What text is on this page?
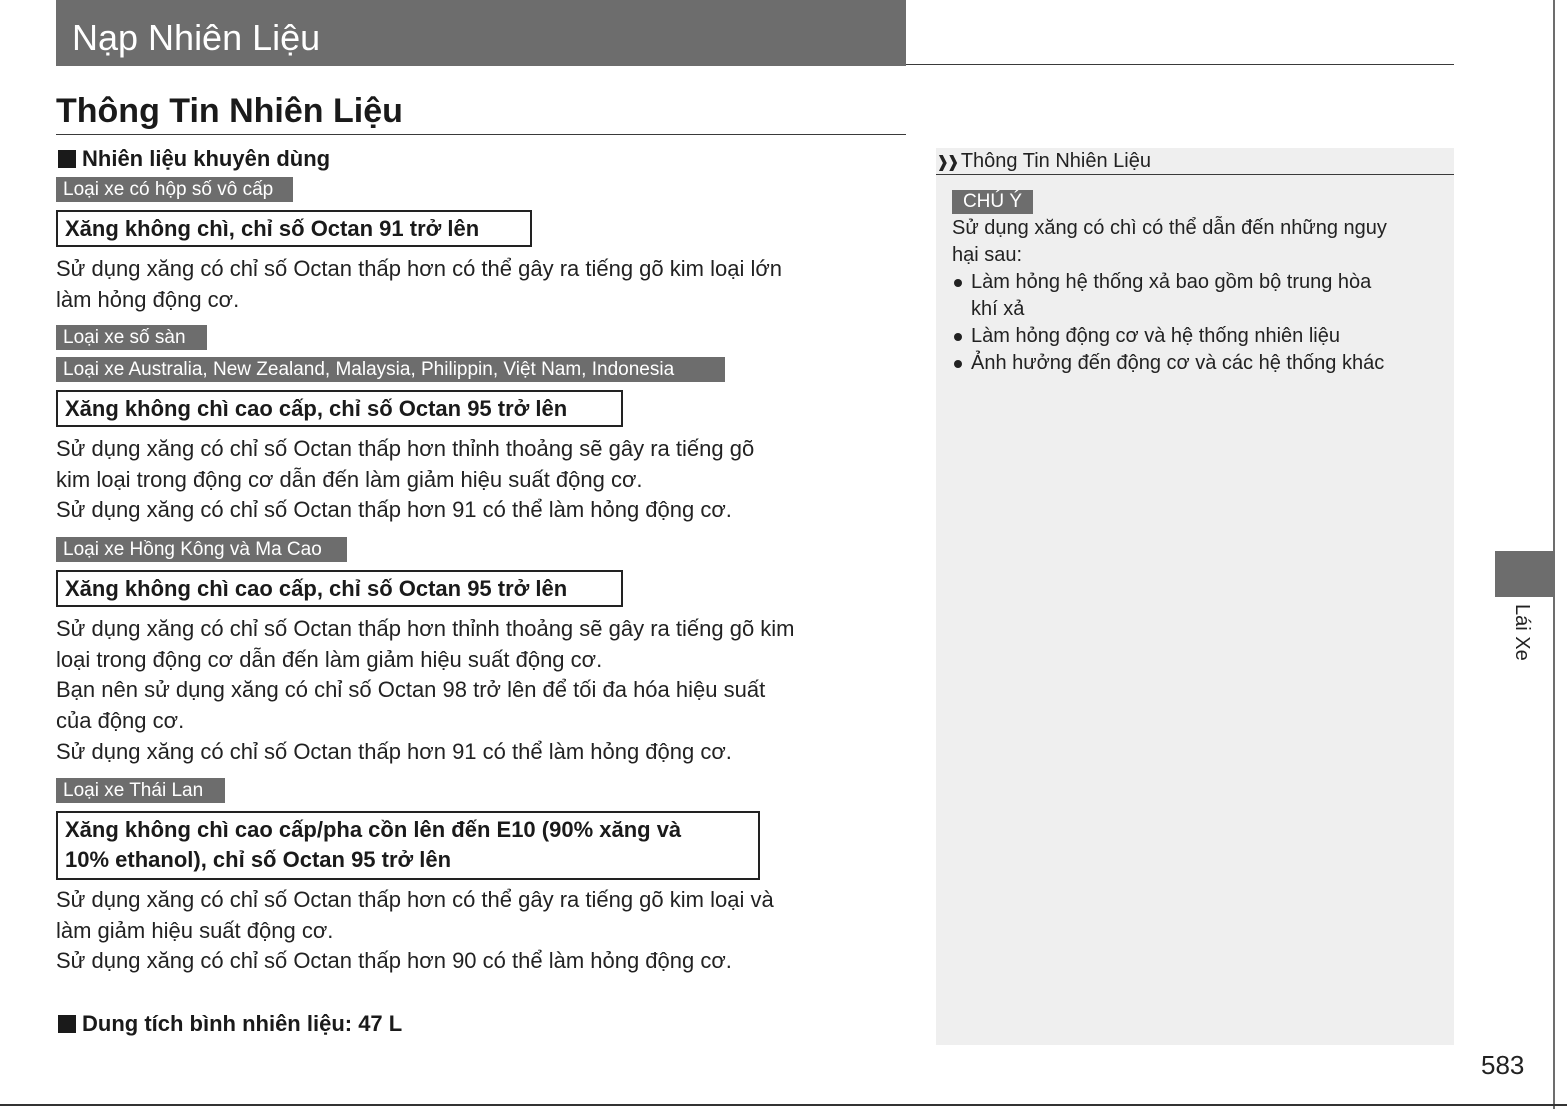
Nạp Nhiên Liệu
Thông Tin Nhiên Liệu
Nhiên liệu khuyên dùng
Loại xe có hộp số vô cấp
Xăng không chì, chỉ số Octan 91 trở lên

Sử dụng xăng có chỉ số Octan thấp hơn có thể gây ra tiếng gõ kim loại lớn

làm hỏng động cơ.

Loại xe số sàn
Loại xe Australia, New Zealand, Malaysia, Philippin, Việt Nam, Indonesia
Xăng không chì cao cấp, chỉ số Octan 95 trở lên

Sử dụng xăng có chỉ số Octan thấp hơn thỉnh thoảng sẽ gây ra tiếng gõ

kim loại trong động cơ dẫn đến làm giảm hiệu suất động cơ.

Sử dụng xăng có chỉ số Octan thấp hơn 91 có thể làm hỏng động cơ.

Loại xe Hồng Kông và Ma Cao
Xăng không chì cao cấp, chỉ số Octan 95 trở lên

Sử dụng xăng có chỉ số Octan thấp hơn thỉnh thoảng sẽ gây ra tiếng gõ kim

loại trong động cơ dẫn đến làm giảm hiệu suất động cơ.

Bạn nên sử dụng xăng có chỉ số Octan 98 trở lên để tối đa hóa hiệu suất

của động cơ.

Sử dụng xăng có chỉ số Octan thấp hơn 91 có thể làm hỏng động cơ.

Loại xe Thái Lan
Xăng không chì cao cấp/pha cồn lên đến E10 (90% xăng và
10% ethanol), chỉ số Octan 95 trở lên

Sử dụng xăng có chỉ số Octan thấp hơn có thể gây ra tiếng gõ kim loại và

làm giảm hiệu suất động cơ.

Sử dụng xăng có chỉ số Octan thấp hơn 90 có thể làm hỏng động cơ.

Dung tích bình nhiên liệu: 47 L
❱❱ Thông Tin Nhiên Liệu
CHÚ Ý

Sử dụng xăng có chì có thể dẫn đến những nguy

hại sau:

Làm hỏng hệ thống xả bao gồm bộ trung hòa
khí xả
Làm hỏng động cơ và hệ thống nhiên liệu
Ảnh hưởng đến động cơ và các hệ thống khác
Lái Xe
583
